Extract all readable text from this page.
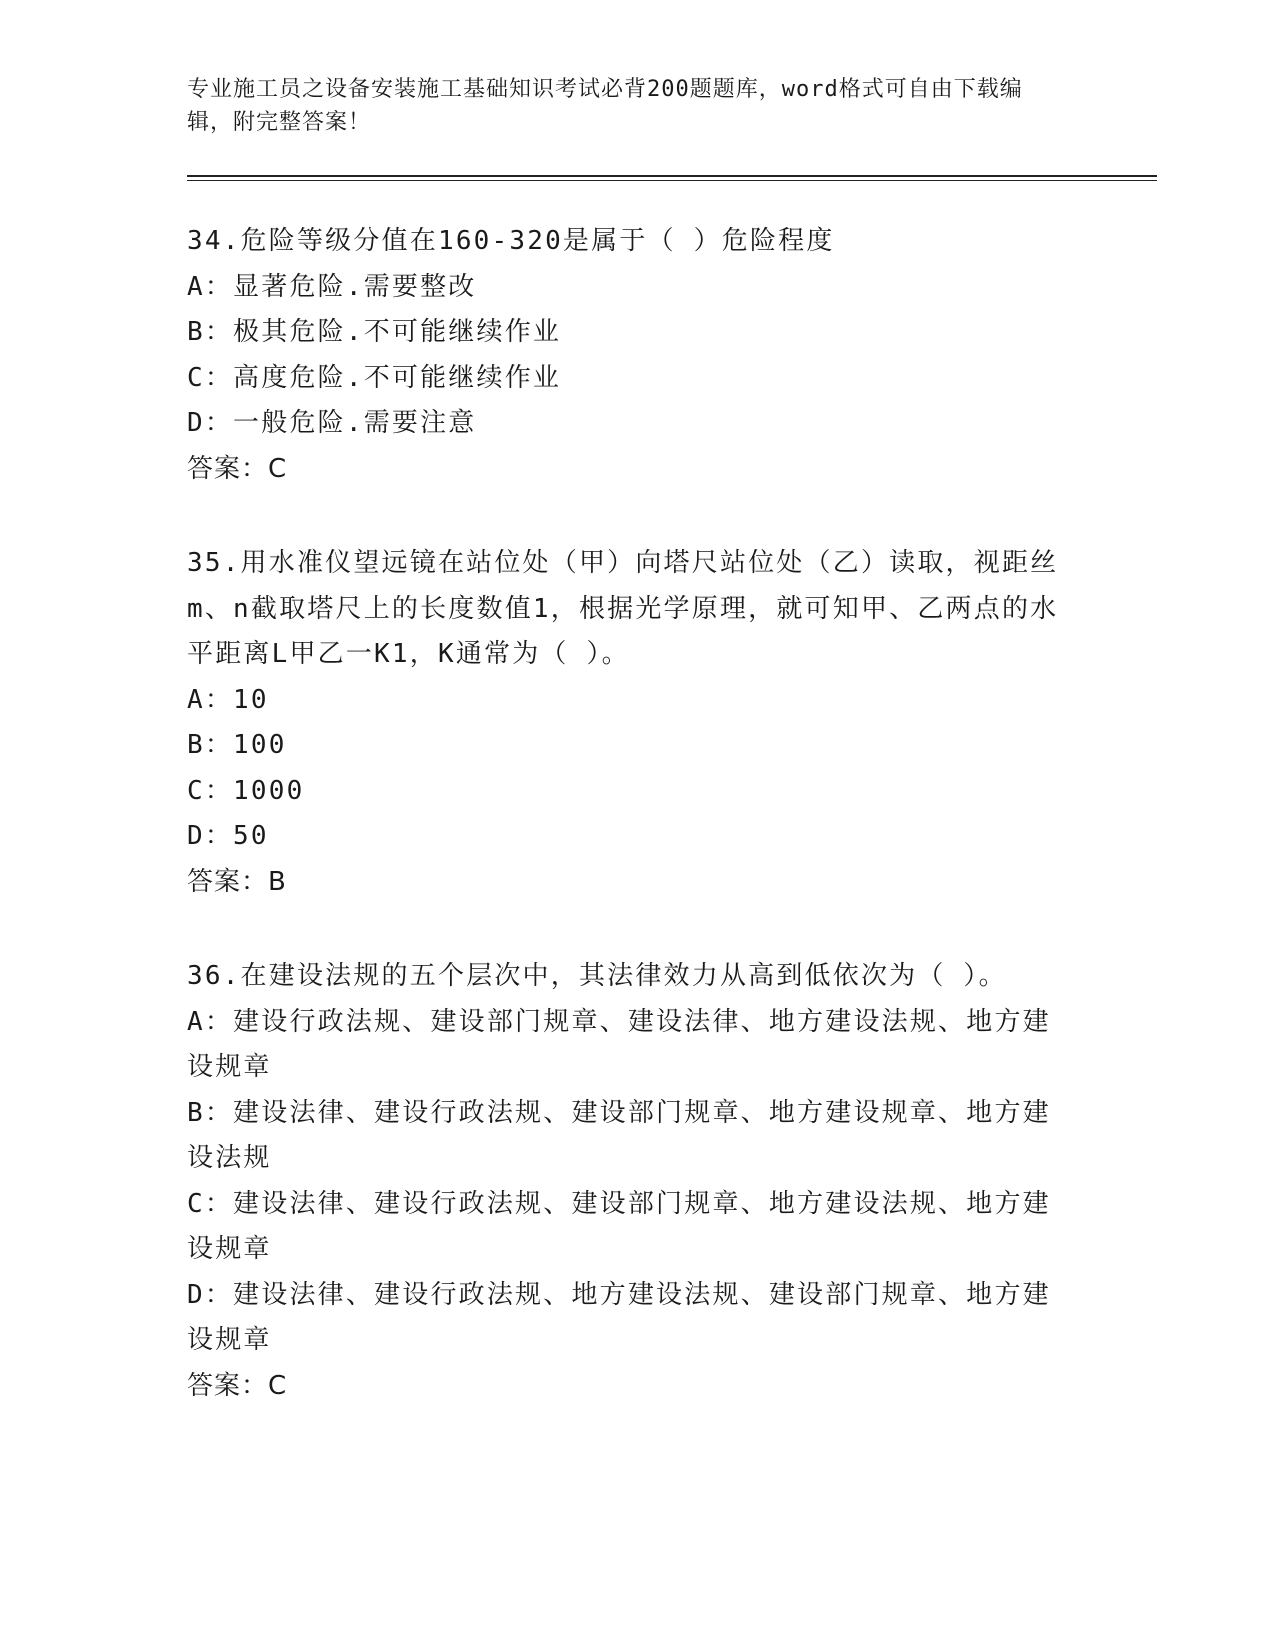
专业施工员之设备安装施工基础知识考试必背200题题库，word格式可自由下载编辑，附完整答案！
34.危险等级分值在160-320是属于（ ）危险程度
A：显著危险.需要整改
B：极其危险.不可能继续作业
C：高度危险.不可能继续作业
D：一般危险.需要注意
答案：C
35.用水准仪望远镜在站位处（甲）向塔尺站位处（乙）读取，视距丝m、n截取塔尺上的长度数值1，根据光学原理，就可知甲、乙两点的水平距离L甲乙一K1，K通常为（ ）。
A：10
B：100
C：1000
D：50
答案：B
36.在建设法规的五个层次中，其法律效力从高到低依次为（ ）。
A：建设行政法规、建设部门规章、建设法律、地方建设法规、地方建设规章
B：建设法律、建设行政法规、建设部门规章、地方建设规章、地方建设法规
C：建设法律、建设行政法规、建设部门规章、地方建设法规、地方建设规章
D：建设法律、建设行政法规、地方建设法规、建设部门规章、地方建设规章
答案：C
